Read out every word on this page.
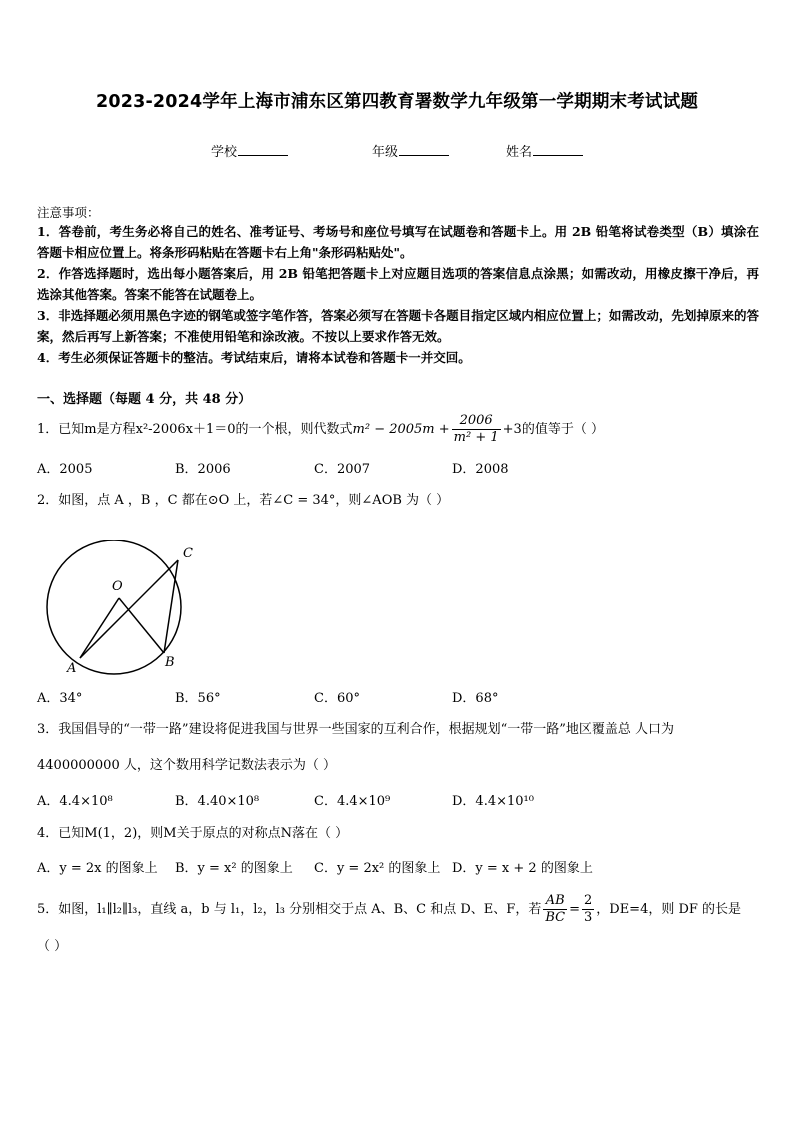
2023-2024学年上海市浦东区第四教育署数学九年级第一学期期末考试试题
学校	年级	姓名
注意事项：

1．答卷前，考生务必将自己的姓名、准考证号、考场号和座位号填写在试题卷和答题卡上。用 2B 铅笔将试卷类型（B）填涂在答题卡相应位置上。将条形码粘贴在答题卡右上角"条形码粘贴处"。

2．作答选择题时，选出每小题答案后，用 2B 铅笔把答题卡上对应题目选项的答案信息点涂黑；如需改动，用橡皮擦干净后，再选涂其他答案。答案不能答在试题卷上。

3．非选择题必须用黑色字迹的钢笔或签字笔作答，答案必须写在答题卡各题目指定区域内相应位置上；如需改动，先划掉原来的答案，然后再写上新答案；不准使用铅笔和涂改液。不按以上要求作答无效。

4．考生必须保证答题卡的整洁。考试结束后，请将本试卷和答题卡一并交回。

一、选择题（每题 4 分，共 48 分）
1．已知m是方程x²-2006x＋1＝0的一个根，则代数式$m^2 - 2005m + \frac{2006}{\text{m² + 1}} +3$的值等于（ ）
A．2005	B．2006	C．2007	D．2008
2．如图，点 A ，B ，C 都在⊙O 上，若∠C = 34°，则∠AOB 为（ ）
O
A	B
C
A．34°	B．56°	C．60°	D．68°
3．我国倡导的“一带一路”建设将促进我国与世界一些国家的互利合作，根据规划“一带一路”地区覆盖总 人口为
4400000000 人，这个数用科学记数法表示为（ ）
A．4.4×10⁸	B．4.40×10⁸	C．4.4×10⁹	D．4.4×10¹⁰
4．已知M(1，2)，则M关于原点的对称点N落在（ ）
A．y = 2x 的图象上 B．y = x² 的图象上 C．y = 2x² 的图象上 D．y = x + 2 的图象上
5．如图，l₁∥l₂∥l₃，直线 a，b 与 l₁，l₂，l₃ 分别相交于点 A、B、C 和点 D、E、F，若 $\frac{AB}{BC} = \frac{2}{3}$ ，DE=4，则 DF 的长是
（ ）
